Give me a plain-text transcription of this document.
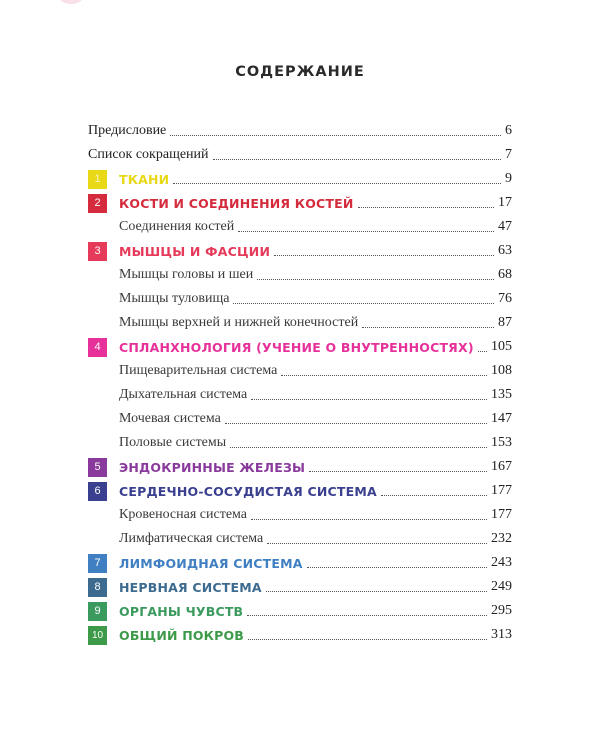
СОДЕРЖАНИЕ
Предисловие	6
Список сокращений	7
1	ТКАНИ	9
2	КОСТИ И СОЕДИНЕНИЯ КОСТЕЙ	17
Соединения костей	47
3	МЫШЦЫ И ФАСЦИИ	63
Мышцы головы и шеи	68
Мышцы туловища	76
Мышцы верхней и нижней конечностей	87
4	СПЛАНХНОЛОГИЯ (УЧЕНИЕ О ВНУТРЕННОСТЯХ) 105
Пищеварительная система	108
Дыхательная система	135
Мочевая система	147
Половые системы	153
5	ЭНДОКРИННЫЕ ЖЕЛЕЗЫ	167
6	СЕРДЕЧНО-СОСУДИСТАЯ СИСТЕМА	177
Кровеносная система	177
Лимфатическая система	232
7	ЛИМФОИДНАЯ СИСТЕМА	243
8	НЕРВНАЯ СИСТЕМА	249
9	ОРГАНЫ ЧУВСТВ	295
10	ОБЩИЙ ПОКРОВ	313
